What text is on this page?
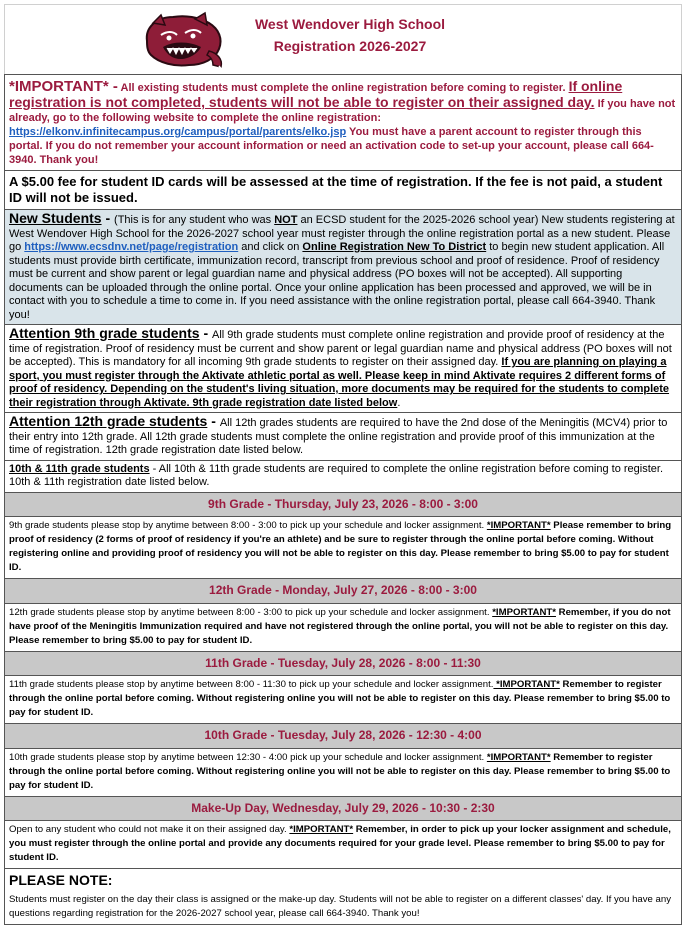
West Wendover High School
Registration 2026-2027
*IMPORTANT* - All existing students must complete the online registration before coming to register. If online registration is not completed, students will not be able to register on their assigned day. If you have not already, go to the following website to complete the online registration: https://elkonv.infinitecampus.org/campus/portal/parents/elko.jsp You must have a parent account to register through this portal. If you do not remember your account information or need an activation code to set-up your account, please call 664-3940. Thank you!
A $5.00 fee for student ID cards will be assessed at the time of registration. If the fee is not paid, a student ID will not be issued.
New Students - (This is for any student who was NOT an ECSD student for the 2025-2026 school year) New students registering at West Wendover High School for the 2026-2027 school year must register through the online registration portal as a new student. Please go https://www.ecsdnv.net/page/registration and click on Online Registration New To District to begin new student application. All students must provide birth certificate, immunization record, transcript from previous school and proof of residence. Proof of residency must be current and show parent or legal guardian name and physical address (PO boxes will not be accepted). All supporting documents can be uploaded through the online portal. Once your online application has been processed and approved, we will be in contact with you to schedule a time to come in. If you need assistance with the online registration portal, please call 664-3940. Thank you!
Attention 9th grade students - All 9th grade students must complete online registration and provide proof of residency at the time of registration. Proof of residency must be current and show parent or legal guardian name and physical address (PO boxes will not be accepted). This is mandatory for all incoming 9th grade students to register on their assigned day. If you are planning on playing a sport, you must register through the Aktivate athletic portal as well. Please keep in mind Aktivate requires 2 different forms of proof of residency. Depending on the student's living situation, more documents may be required for the students to complete their registration through Aktivate. 9th grade registration date listed below.
Attention 12th grade students - All 12th grades students are required to have the 2nd dose of the Meningitis (MCV4) prior to their entry into 12th grade. All 12th grade students must complete the online registration and provide proof of this immunization at the time of registration. 12th grade registration date listed below.
10th & 11th grade students - All 10th & 11th grade students are required to complete the online registration before coming to register. 10th & 11th registration date listed below.
9th Grade - Thursday, July 23, 2026 - 8:00 - 3:00
9th grade students please stop by anytime between 8:00 - 3:00 to pick up your schedule and locker assignment. *IMPORTANT* Please remember to bring proof of residency (2 forms of proof of residency if you're an athlete) and be sure to register through the online portal before coming. Without registering online and providing proof of residency you will not be able to register on this day. Please remember to bring $5.00 to pay for student ID.
12th Grade - Monday, July 27, 2026 - 8:00 - 3:00
12th grade students please stop by anytime between 8:00 - 3:00 to pick up your schedule and locker assignment. *IMPORTANT* Remember, if you do not have proof of the Meningitis Immunization required and have not registered through the online portal, you will not be able to register on this day. Please remember to bring $5.00 to pay for student ID.
11th Grade - Tuesday, July 28, 2026 - 8:00 - 11:30
11th grade students please stop by anytime between 8:00 - 11:30 to pick up your schedule and locker assignment. *IMPORTANT* Remember to register through the online portal before coming. Without registering online you will not be able to register on this day. Please remember to bring $5.00 to pay for student ID.
10th Grade - Tuesday, July 28, 2026 - 12:30 - 4:00
10th grade students please stop by anytime between 12:30 - 4:00 pick up your schedule and locker assignment. *IMPORTANT* Remember to register through the online portal before coming. Without registering online you will not be able to register on this day. Please remember to bring $5.00 to pay for student ID.
Make-Up Day, Wednesday, July 29, 2026 - 10:30 - 2:30
Open to any student who could not make it on their assigned day. *IMPORTANT* Remember, in order to pick up your locker assignment and schedule, you must register through the online portal and provide any documents required for your grade level. Please remember to bring $5.00 to pay for student ID.
PLEASE NOTE:
Students must register on the day their class is assigned or the make-up day. Students will not be able to register on a different classes' day. If you have any questions regarding registration for the 2026-2027 school year, please call 664-3940. Thank you!
